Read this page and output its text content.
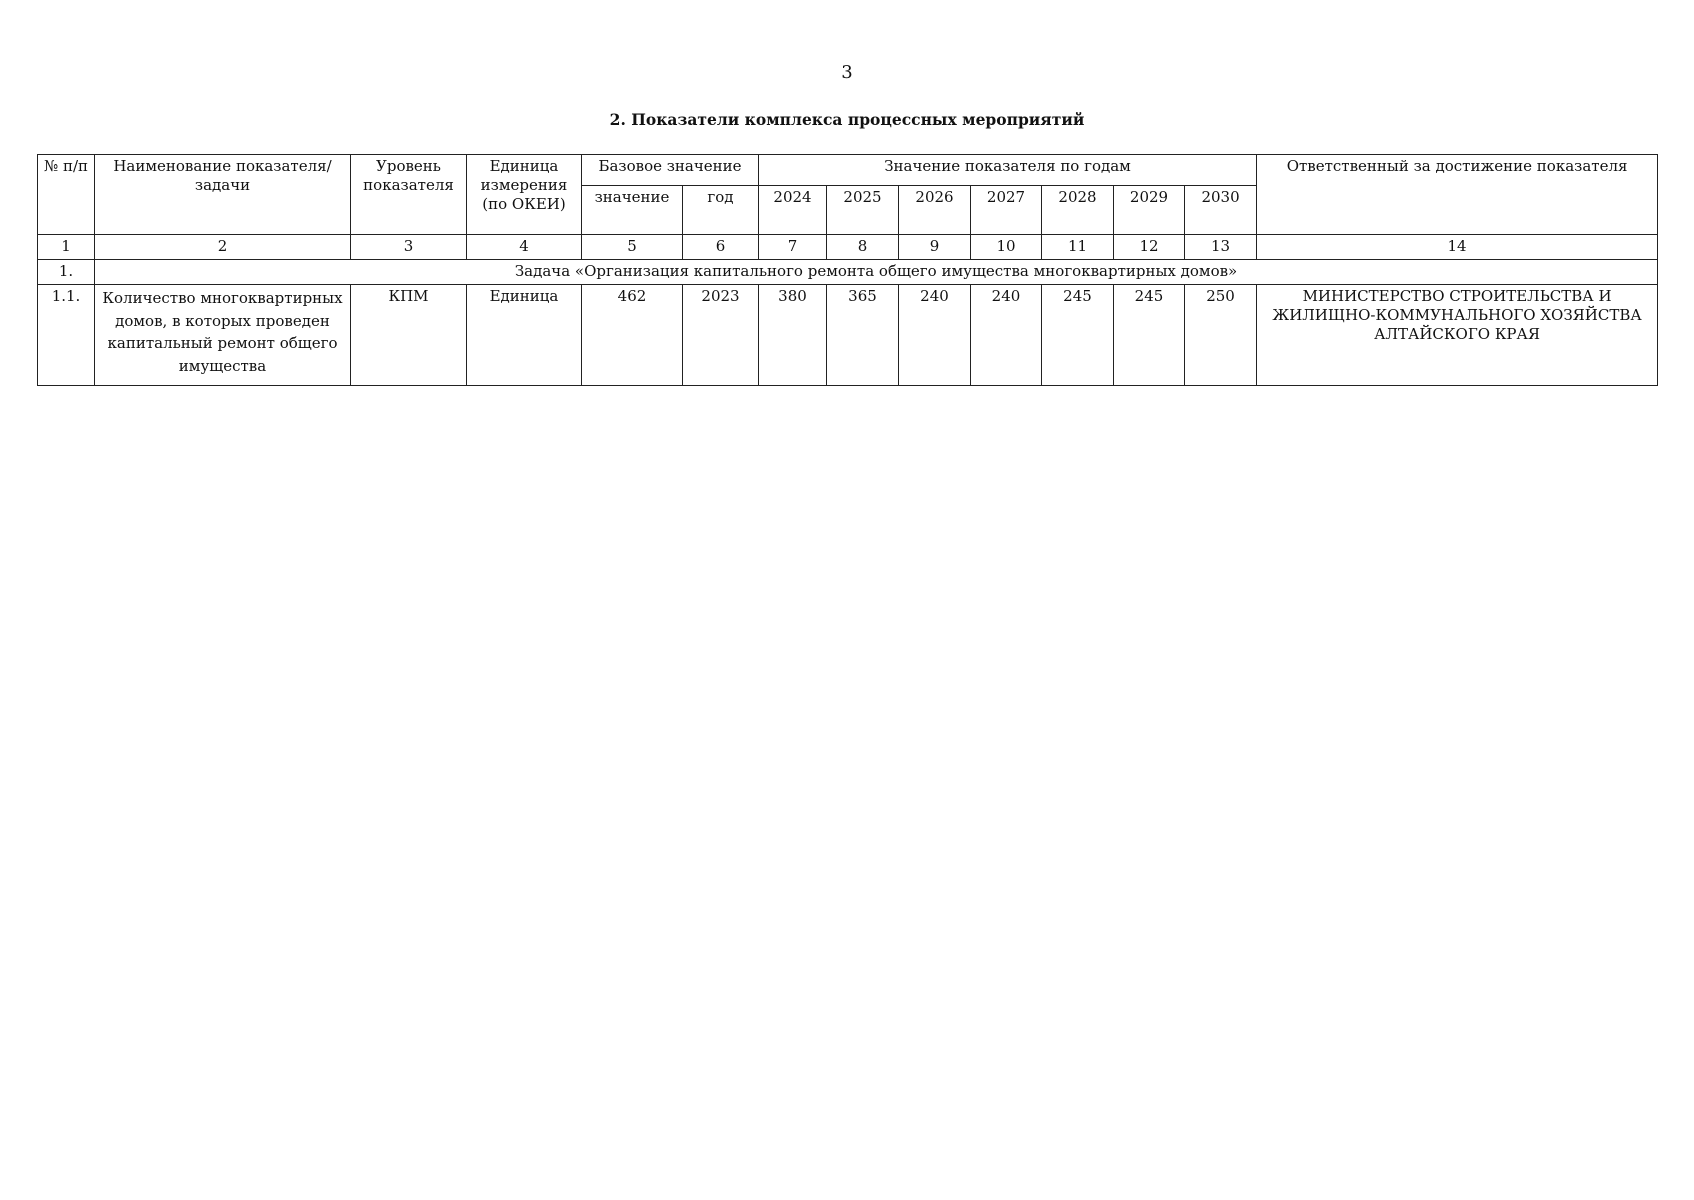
3
2. Показатели комплекса процессных мероприятий
№ п/п	Наименование показателя/задачи	Уровень показателя	Единица измерения (по ОКЕИ)	Базовое значение		Значение показателя по годам							Ответственный за достижение показателя
				значение	год	2024	2025	2026	2027	2028	2029	2030	
1	2	3	4	5	6	7	8	9	10	11	12	13	14
1.	Задача «Организация капитального ремонта общего имущества многоквартирных домов»												
1.1.	Количество многоквартирных домов, в которых проведен капитальный ремонт общего имущества	КПМ	Единица	462	2023	380	365	240	240	245	245	250	МИНИСТЕРСТВО СТРОИТЕЛЬСТВА И ЖИЛИЩНО-КОММУНАЛЬНОГО ХОЗЯЙСТВА АЛТАЙСКОГО КРАЯ
